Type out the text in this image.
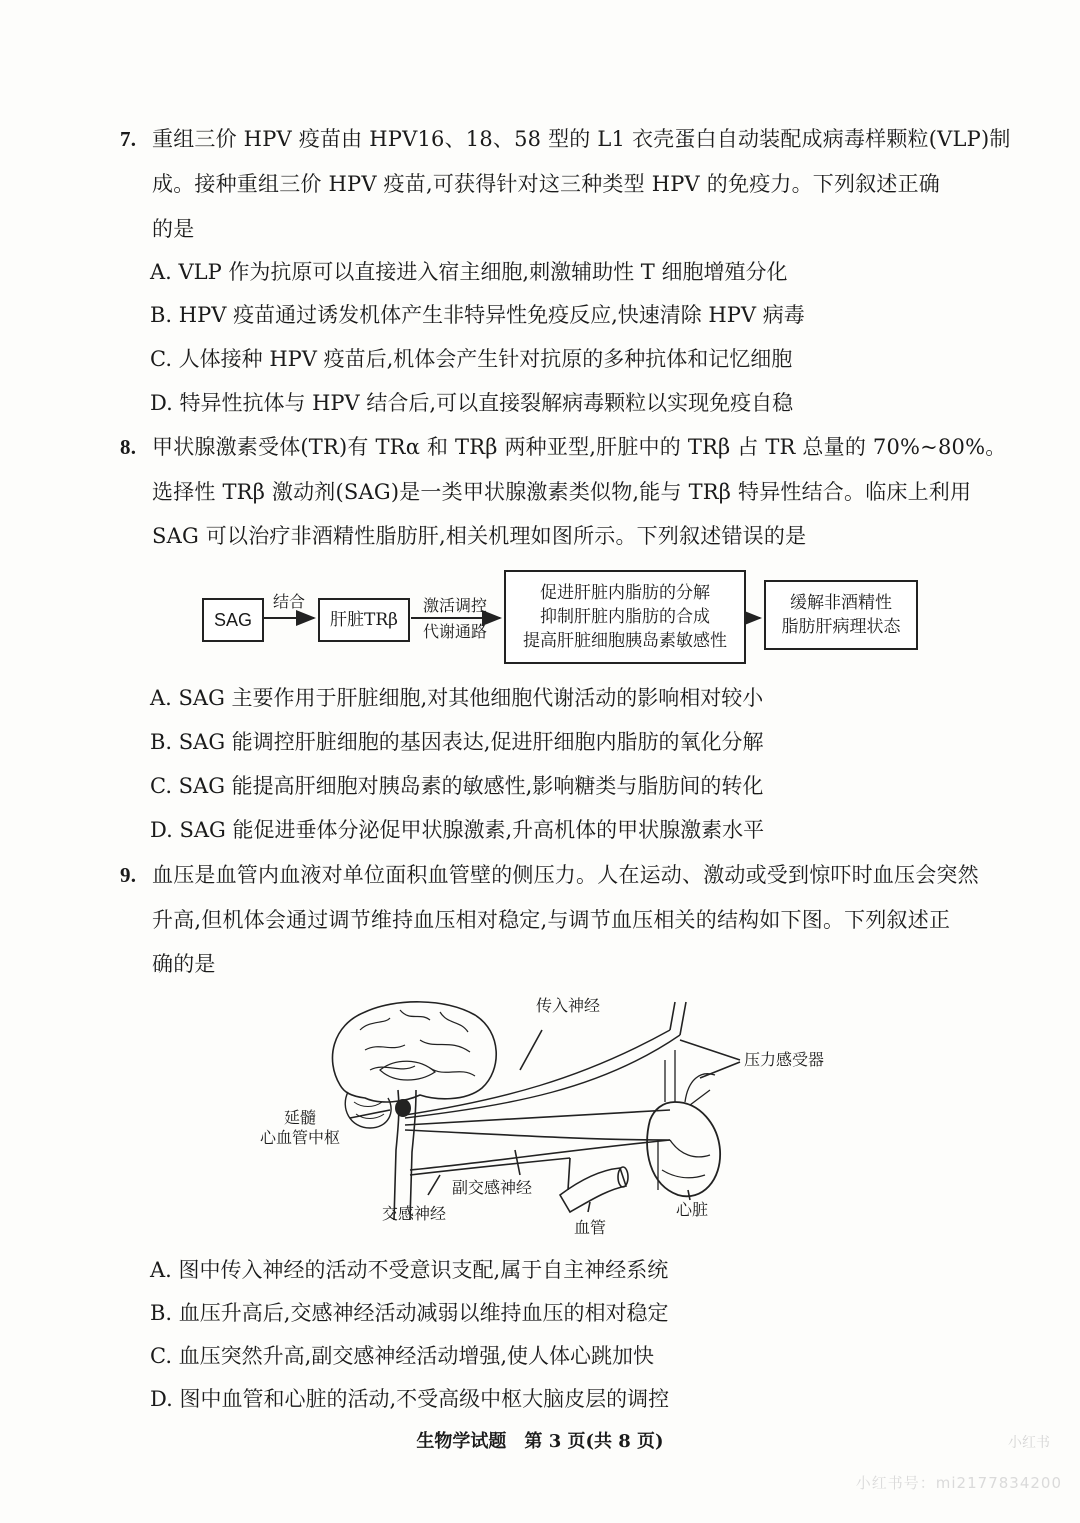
7. 重组三价 HPV 疫苗由 HPV16、18、58 型的 L1 衣壳蛋白自动装配成病毒样颗粒(VLP)制
成。接种重组三价 HPV 疫苗,可获得针对这三种类型 HPV 的免疫力。下列叙述正确
的是
A. VLP 作为抗原可以直接进入宿主细胞,刺激辅助性 T 细胞增殖分化
B. HPV 疫苗通过诱发机体产生非特异性免疫反应,快速清除 HPV 病毒
C. 人体接种 HPV 疫苗后,机体会产生针对抗原的多种抗体和记忆细胞
D. 特异性抗体与 HPV 结合后,可以直接裂解病毒颗粒以实现免疫自稳
8. 甲状腺激素受体(TR)有 TRα 和 TRβ 两种亚型,肝脏中的 TRβ 占 TR 总量的 70%~80%。
选择性 TRβ 激动剂(SAG)是一类甲状腺激素类似物,能与 TRβ 特异性结合。临床上利用
SAG 可以治疗非酒精性脂肪肝,相关机理如图所示。下列叙述错误的是
SAG
结合
肝脏TRβ
激活调控
代谢通路
促进肝脏内脂肪的分解
抑制肝脏内脂肪的合成
提高肝脏细胞胰岛素敏感性
缓解非酒精性
脂肪肝病理状态
A. SAG 主要作用于肝脏细胞,对其他细胞代谢活动的影响相对较小
B. SAG 能调控肝脏细胞的基因表达,促进肝细胞内脂肪的氧化分解
C. SAG 能提高肝细胞对胰岛素的敏感性,影响糖类与脂肪间的转化
D. SAG 能促进垂体分泌促甲状腺激素,升高机体的甲状腺激素水平
9. 血压是血管内血液对单位面积血管壁的侧压力。人在运动、激动或受到惊吓时血压会突然
升高,但机体会通过调节维持血压相对稳定,与调节血压相关的结构如下图。下列叙述正
确的是
传入神经
压力感受器
延髓
心血管中枢
副交感神经
交感神经
血管
心脏
A. 图中传入神经的活动不受意识支配,属于自主神经系统
B. 血压升高后,交感神经活动减弱以维持血压的相对稳定
C. 血压突然升高,副交感神经活动增强,使人体心跳加快
D. 图中血管和心脏的活动,不受高级中枢大脑皮层的调控
生物学试题　第 3 页(共 8 页)	小红书
小红书号：mi2177834200
